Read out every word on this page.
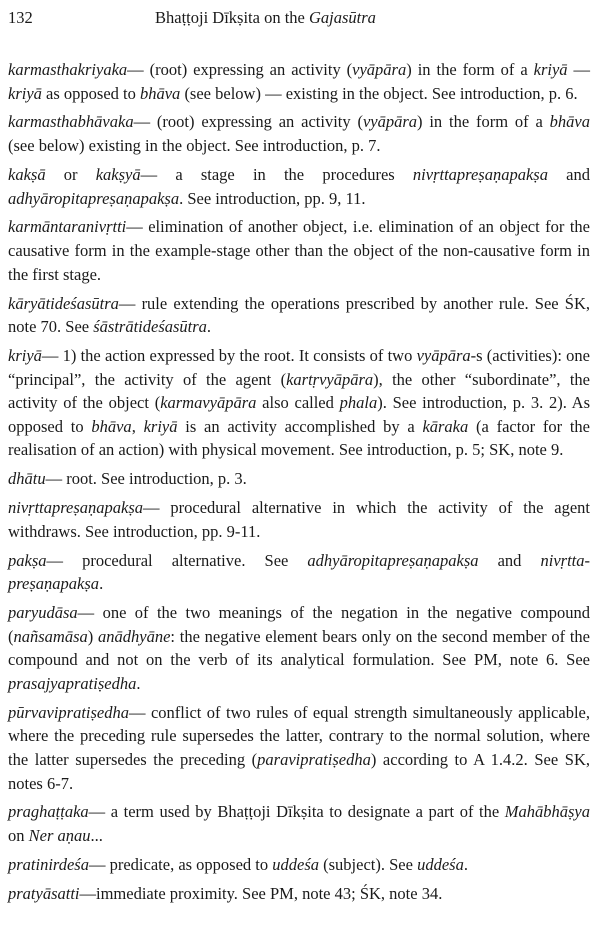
132	Bhaṭṭoji Dīkṣita on the Gajasūtra

karmasthakriyaka— (root) expressing an activity (vyāpāra) in the form of a kriyā — kriyā as opposed to bhāva (see below) — existing in the object. See introduction, p. 6.

karmasthabhāvaka— (root) expressing an activity (vyāpāra) in the form of a bhāva (see below) existing in the object. See introduction, p. 7.

kakṣā or kakṣyā— a stage in the procedures nivṛttapreṣaṇapakṣa and adhyāropitapreṣaṇapakṣa. See introduction, pp. 9, 11.

karmāntaranivṛtti— elimination of another object, i.e. elimination of an object for the causative form in the example-stage other than the object of the non-causative form in the first stage.

kāryātideśasūtra— rule extending the operations prescribed by another rule. See ŚK, note 70. See śāstrātideśasūtra.

kriyā— 1) the action expressed by the root. It consists of two vyāpāra-s (activities): one “principal”, the activity of the agent (kartṛvyāpāra), the other “subordinate”, the activity of the object (karmavyāpāra also called phala). See introduction, p. 3. 2). As opposed to bhāva, kriyā is an activity accomplished by a kāraka (a factor for the realisation of an action) with physical movement. See introduction, p. 5; SK, note 9.

dhātu— root. See introduction, p. 3.

nivṛttapreṣaṇapakṣa— procedural alternative in which the activity of the agent withdraws. See introduction, pp. 9-11.

pakṣa— procedural alternative. See adhyāropitapreṣaṇapakṣa and nivṛtta-preṣaṇapakṣa.

paryudāsa— one of the two meanings of the negation in the negative compound (nañsamāsa) anādhyāne: the negative element bears only on the second member of the compound and not on the verb of its analytical formulation. See PM, note 6. See prasajyapratiṣedha.

pūrvavipratiṣedha— conflict of two rules of equal strength simultaneously applicable, where the preceding rule supersedes the latter, contrary to the normal solution, where the latter supersedes the preceding (paravipratiṣedha) according to A 1.4.2. See SK, notes 6-7.

praghaṭṭaka— a term used by Bhaṭṭoji Dīkṣita to designate a part of the Mahābhāṣya on Ner aṇau...

pratinirdeśa— predicate, as opposed to uddeśa (subject). See uddeśa.

pratyāsatti—immediate proximity. See PM, note 43; ŚK, note 34.
